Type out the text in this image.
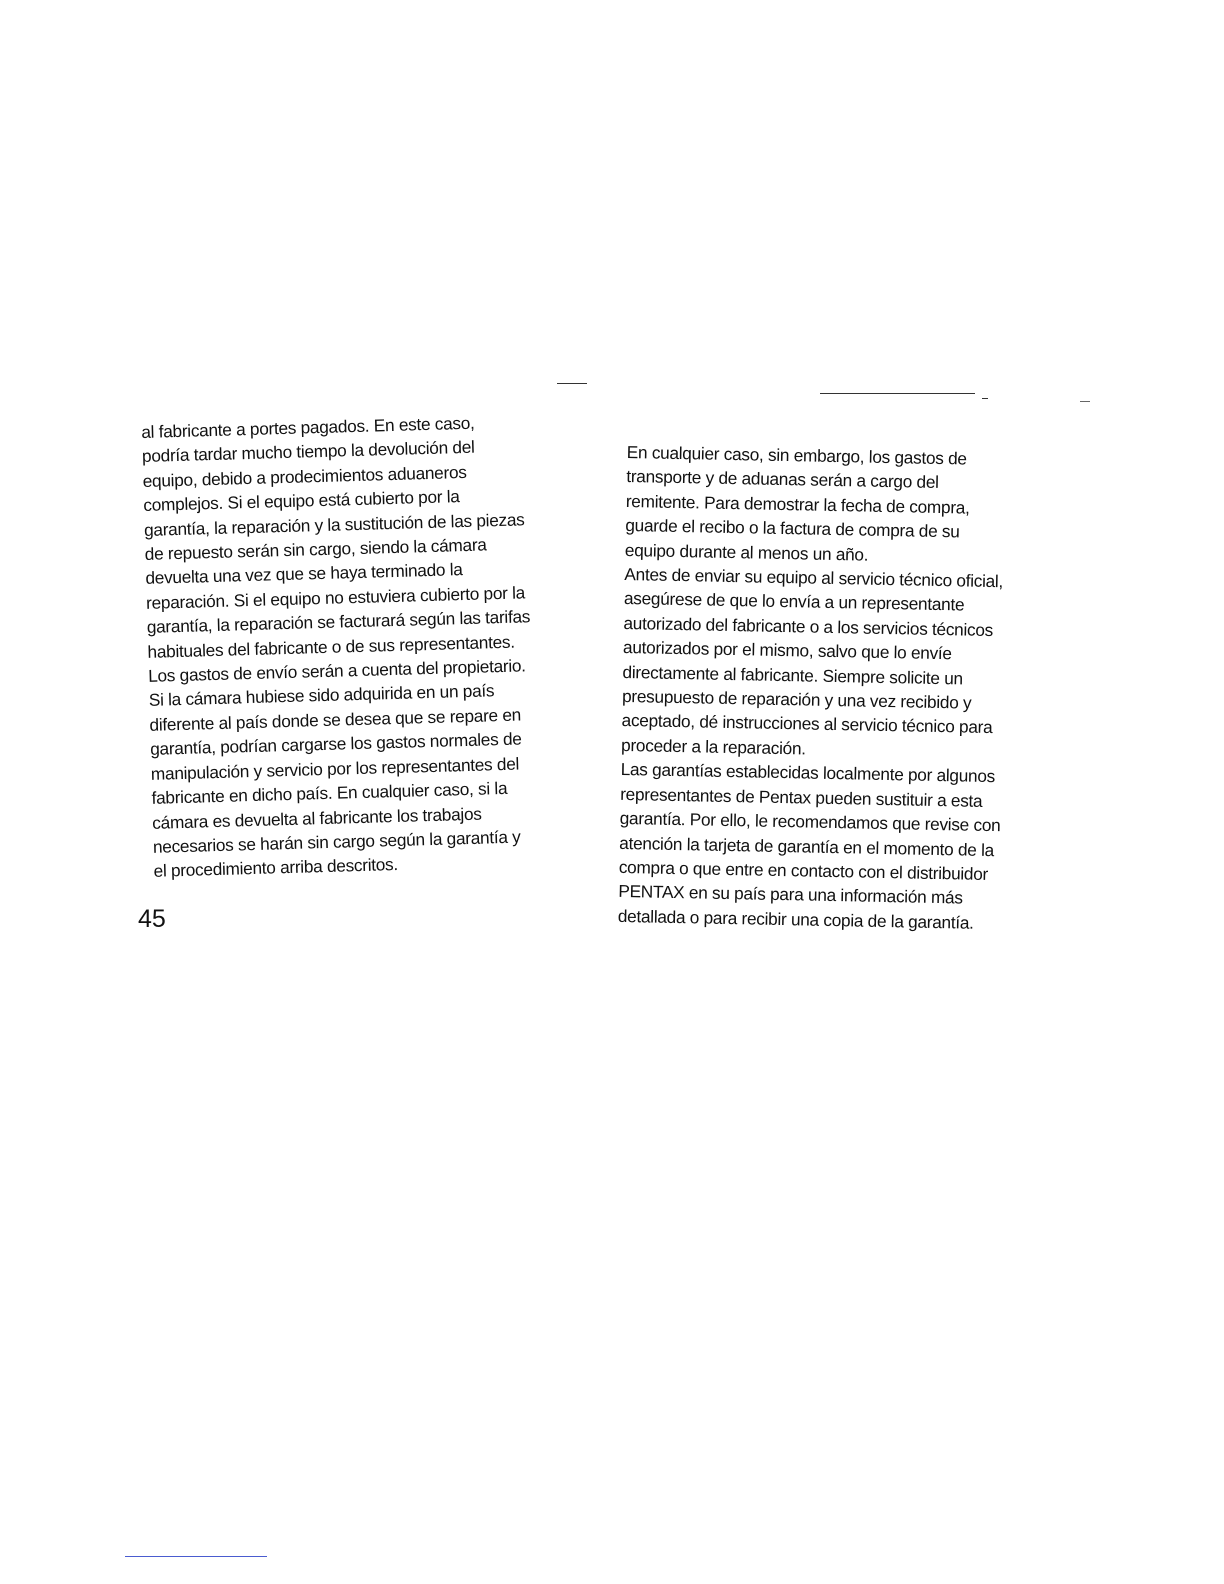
al fabricante a portes pagados. En este caso,
podría tardar mucho tiempo la devolución del
equipo, debido a prodecimientos aduaneros
complejos. Si el equipo está cubierto por la
garantía, la reparación y la sustitución de las piezas
de repuesto serán sin cargo, siendo la cámara
devuelta una vez que se haya terminado la
reparación. Si el equipo no estuviera cubierto por la
garantía, la reparación se facturará según las tarifas
habituales del fabricante o de sus representantes.
Los gastos de envío serán a cuenta del propietario.
Si la cámara hubiese sido adquirida en un país
diferente al país donde se desea que se repare en
garantía, podrían cargarse los gastos normales de
manipulación y servicio por los representantes del
fabricante en dicho país. En cualquier caso, si la
cámara es devuelta al fabricante los trabajos
necesarios se harán sin cargo según la garantía y
el procedimiento arriba descritos.
45
En cualquier caso, sin embargo, los gastos de
transporte y de aduanas serán a cargo del
remitente. Para demostrar la fecha de compra,
guarde el recibo o la factura de compra de su
equipo durante al menos un año.
Antes de enviar su equipo al servicio técnico oficial,
asegúrese de que lo envía a un representante
autorizado del fabricante o a los servicios técnicos
autorizados por el mismo, salvo que lo envíe
directamente al fabricante. Siempre solicite un
presupuesto de reparación y una vez recibido y
aceptado, dé instrucciones al servicio técnico para
proceder a la reparación.
Las garantías establecidas localmente por algunos
representantes de Pentax pueden sustituir a esta
garantía. Por ello, le recomendamos que revise con
atención la tarjeta de garantía en el momento de la
compra o que entre en contacto con el distribuidor
PENTAX en su país para una información más
detallada o para recibir una copia de la garantía.
